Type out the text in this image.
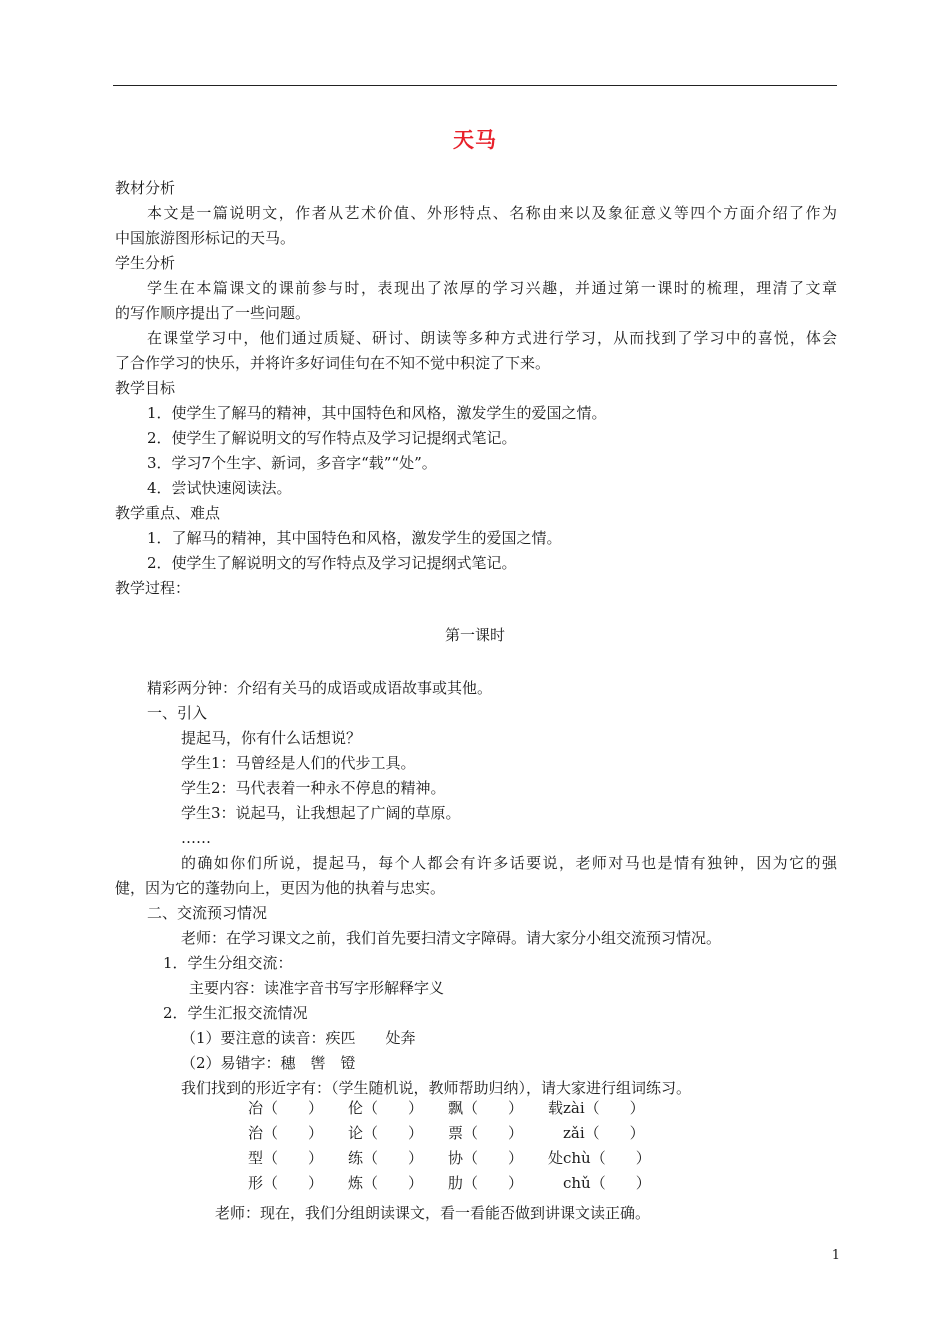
天马
教材分析
本文是一篇说明文，作者从艺术价值、外形特点、名称由来以及象征意义等四个方面介绍了作为
中国旅游图形标记的天马。
学生分析
学生在本篇课文的课前参与时，表现出了浓厚的学习兴趣，并通过第一课时的梳理，理清了文章
的写作顺序提出了一些问题。
在课堂学习中，他们通过质疑、研讨、朗读等多种方式进行学习，从而找到了学习中的喜悦，体会
了合作学习的快乐，并将许多好词佳句在不知不觉中积淀了下来。
教学目标
1．使学生了解马的精神，其中国特色和风格，激发学生的爱国之情。
2．使学生了解说明文的写作特点及学习记提纲式笔记。
3．学习7个生字、新词，多音字“载”“处”。
4．尝试快速阅读法。
教学重点、难点
1．了解马的精神，其中国特色和风格，激发学生的爱国之情。
2．使学生了解说明文的写作特点及学习记提纲式笔记。
教学过程：
精彩两分钟：介绍有关马的成语或成语故事或其他。
一、引入
提起马，你有什么话想说？
学生1：马曾经是人们的代步工具。
学生2：马代表着一种永不停息的精神。
学生3：说起马，让我想起了广阔的草原。
……
的确如你们所说，提起马，每个人都会有许多话要说，老师对马也是情有独钟，因为它的强
健，因为它的蓬勃向上，更因为他的执着与忠实。
二、交流预习情况
老师：在学习课文之前，我们首先要扫清文字障碍。请大家分小组交流预习情况。
1．学生分组交流：
主要内容：读准字音书写字形解释字义
2．学生汇报交流情况
（1）要注意的读音：疾匹　　处奔
（2）易错字：穗　辔　镫
我们找到的形近字有：（学生随机说，教师帮助归纳），请大家进行组词练习。
老师：现在，我们分组朗读课文，看一看能否做到讲课文读正确。
第一课时
冶（　　） 伦（　　） 飘（　　） 载zài（　　）
治（　　） 论（　　） 票（　　） 　zǎi（　　）
型（　　） 练（　　） 协（　　） 处chù（　　）
形（　　） 炼（　　） 肋（　　） 　chǔ（　　）
1
